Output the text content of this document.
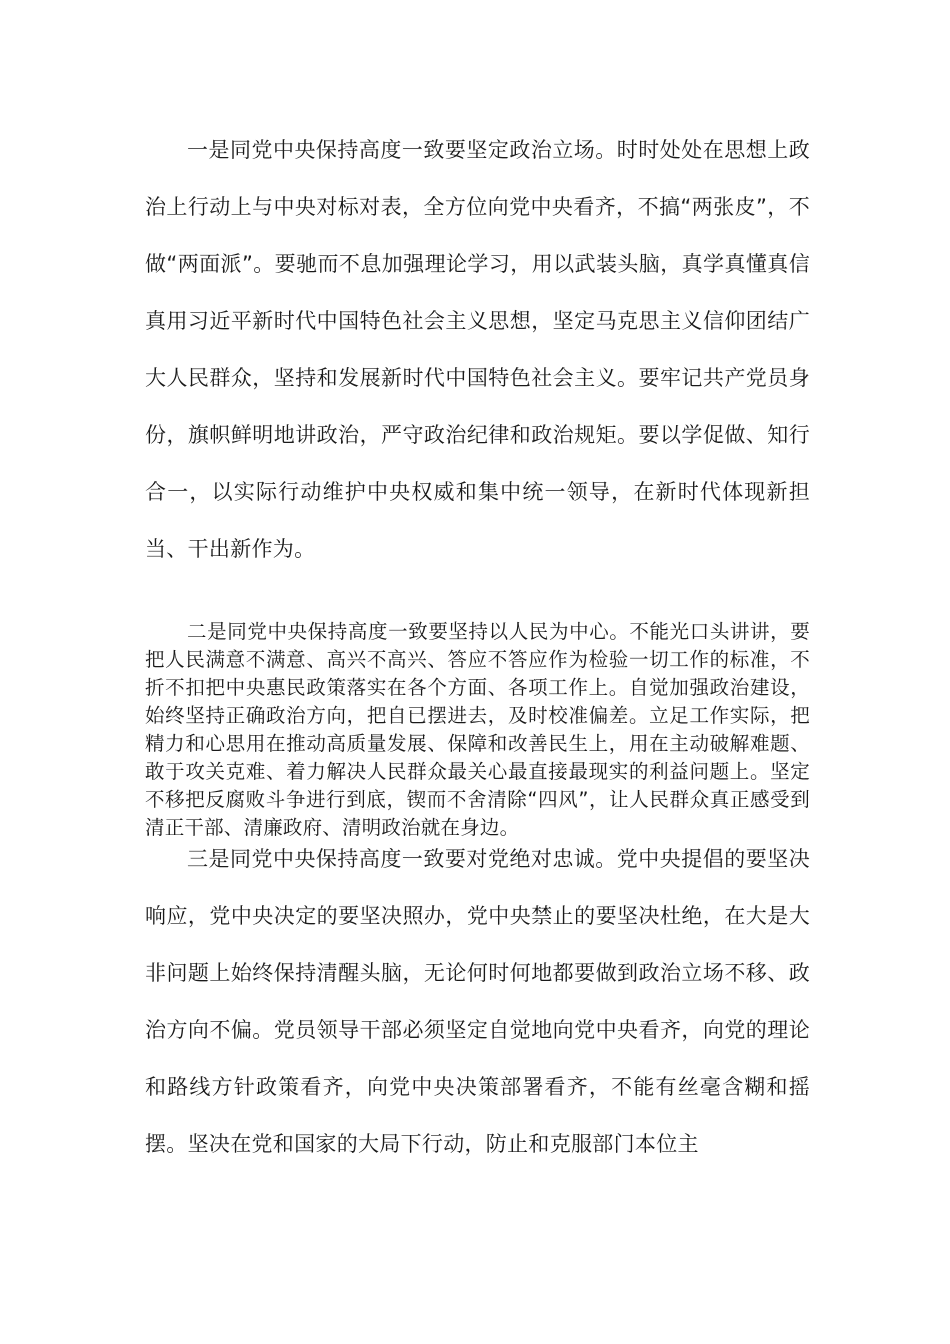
一是同党中央保持高度一致要坚定政治立场。时时处处在思想上政治上行动上与中央对标对表，全方位向党中央看齐，不搞“两张皮”，不做“两面派”。要驰而不息加强理论学习，用以武装头脑，真学真懂真信真用习近平新时代中国特色社会主义思想，坚定马克思主义信仰团结广大人民群众，坚持和发展新时代中国特色社会主义。要牢记共产党员身份，旗帜鲜明地讲政治，严守政治纪律和政治规矩。要以学促做、知行合一，以实际行动维护中央权威和集中统一领导，在新时代体现新担当、干出新作为。

二是同党中央保持高度一致要坚持以人民为中心。不能光口头讲讲，要把人民满意不满意、高兴不高兴、答应不答应作为检验一切工作的标准，不折不扣把中央惠民政策落实在各个方面、各项工作上。自觉加强政治建设，始终坚持正确政治方向，把自已摆进去，及时校准偏差。立足工作实际，把精力和心思用在推动高质量发展、保障和改善民生上，用在主动破解难题、敢于攻关克难、着力解决人民群众最关心最直接最现实的利益问题上。坚定不移把反腐败斗争进行到底，锲而不舍清除“四风”，让人民群众真正感受到清正干部、清廉政府、清明政治就在身边。

三是同党中央保持高度一致要对党绝对忠诚。党中央提倡的要坚决响应，党中央决定的要坚决照办，党中央禁止的要坚决杜绝，在大是大非问题上始终保持清醒头脑，无论何时何地都要做到政治立场不移、政治方向不偏。党员领导干部必须坚定自觉地向党中央看齐，向党的理论和路线方针政策看齐，向党中央决策部署看齐，不能有丝毫含糊和摇摆。坚决在党和国家的大局下行动，防止和克服部门本位主
